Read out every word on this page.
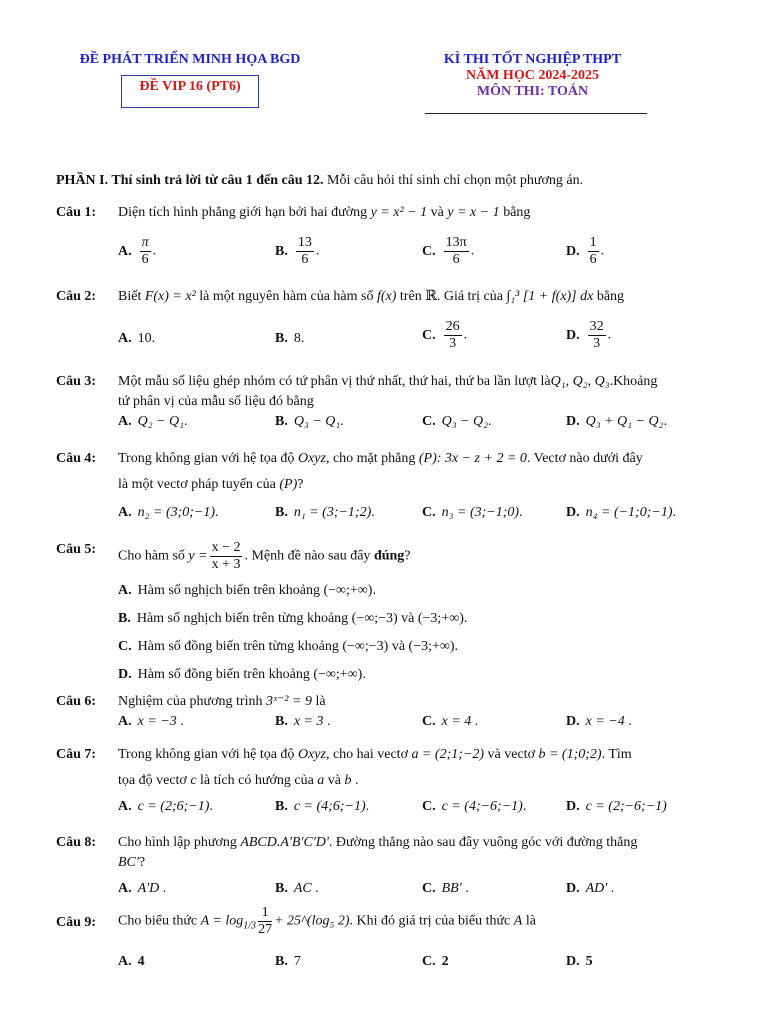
ĐỀ PHÁT TRIỂN MINH HỌA BGD
ĐỀ VIP 16 (PT6)
KÌ THI TỐT NGHIỆP THPT
NĂM HỌC 2024-2025
MÔN THI: TOÁN
PHẦN I. Thí sinh trả lời từ câu 1 đến câu 12. Mỗi câu hỏi thí sinh chỉ chọn một phương án.
Câu 1: Diện tích hình phẳng giới hạn bởi hai đường y = x² − 1 và y = x − 1 bằng
A. $\frac{\pi}{6}$ .	B. $\frac{13}{6}$ .	C. $\frac{13\pi}{6}$ .	D. $\frac{1}{6}$ .
Câu 2: Biết F(x) = x² là một nguyên hàm của hàm số f(x) trên ℝ. Giá trị của ∫₁³ [1 + f(x)] dx bằng
A. 10.	B. 8.	C. $\frac{26}{3}$ .	D. $\frac{32}{3}$ .
Câu 3: Một mẫu số liệu ghép nhóm có tứ phân vị thứ nhất, thứ hai, thứ ba lần lượt làQ₁, Q₂, Q₃.Khoảng
tứ phân vị của mẫu số liệu đó bằng
A. Q₂ − Q₁.	B. Q₃ − Q₁.	C. Q₃ − Q₂.	D. Q₃ + Q₁ − Q₂.
Câu 4: Trong không gian với hệ tọa độ Oxyz, cho mặt phẳng (P): 3x − z + 2 = 0. Vectơ nào dưới đây
là một vectơ pháp tuyến của (P)?
A. n₂ = (3;0;−1).	B. n₁ = (3;−1;2).	C. n₃ = (3;−1;0).	D. n₄ = (−1;0;−1).
Câu 5: Cho hàm số $y = \frac{x - 2}{x + 3}$ . Mệnh đề nào sau đây đúng?
A. Hàm số nghịch biến trên khoảng (−∞;+∞).
B. Hàm số nghịch biến trên từng khoảng (−∞;−3) và (−3;+∞).
C. Hàm số đồng biến trên từng khoảng (−∞;−3) và (−3;+∞).
D. Hàm số đồng biến trên khoảng (−∞;+∞).
Câu 6: Nghiệm của phương trình 3ˣ⁻² = 9 là
A. x = −3 .	B. x = 3 .	C. x = 4 .	D. x = −4 .
Câu 7: Trong không gian với hệ tọa độ Oxyz, cho hai vectơ a = (2;1;−2) và vectơ b = (1;0;2). Tìm
tọa độ vectơ c là tích có hướng của a và b .
A. c = (2;6;−1).	B. c = (4;6;−1).	C. c = (4;−6;−1).	D. c = (2;−6;−1)
Câu 8: Cho hình lập phương ABCD.A'B'C'D'. Đường thẳng nào sau đây vuông góc với đường thẳng
BC'?
A. A'D .	B. AC .	C. BB' .	D. AD' .
Câu 9: Cho biểu thức $A = \log_{1/3} \frac{1}{27}$ + 25^(log₅ 2). Khi đó giá trị của biểu thức A là
A. 4	B. 7	C. 2	D. 5
